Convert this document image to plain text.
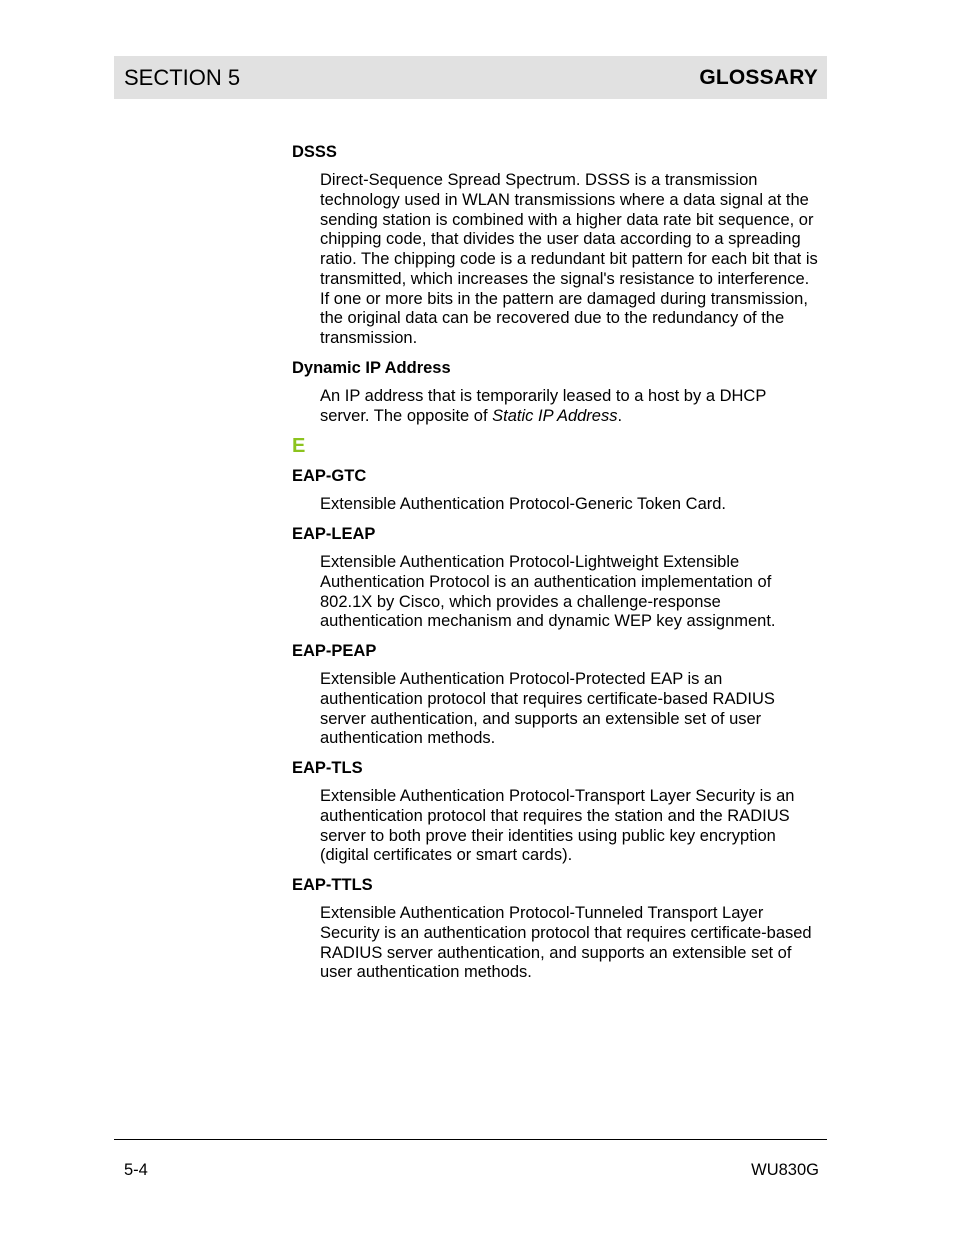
SECTION 5	GLOSSARY

DSSS

Direct-Sequence Spread Spectrum. DSSS is a transmission technology used in WLAN transmissions where a data signal at the sending station is combined with a higher data rate bit sequence, or chipping code, that divides the user data according to a spreading ratio. The chipping code is a redundant bit pattern for each bit that is transmitted, which increases the signal's resistance to interference. If one or more bits in the pattern are damaged during transmission, the original data can be recovered due to the redundancy of the transmission.

Dynamic IP Address

An IP address that is temporarily leased to a host by a DHCP server. The opposite of Static IP Address.

E

EAP-GTC

Extensible Authentication Protocol-Generic Token Card.

EAP-LEAP

Extensible Authentication Protocol-Lightweight Extensible Authentication Protocol is an authentication implementation of 802.1X by Cisco, which provides a challenge-response authentication mechanism and dynamic WEP key assignment.

EAP-PEAP

Extensible Authentication Protocol-Protected EAP is an authentication protocol that requires certificate-based RADIUS server authentication, and supports an extensible set of user authentication methods.

EAP-TLS

Extensible Authentication Protocol-Transport Layer Security is an authentication protocol that requires the station and the RADIUS server to both prove their identities using public key encryption (digital certificates or smart cards).

EAP-TTLS

Extensible Authentication Protocol-Tunneled Transport Layer Security is an authentication protocol that requires certificate-based RADIUS server authentication, and supports an extensible set of user authentication methods.

5-4	WU830G
